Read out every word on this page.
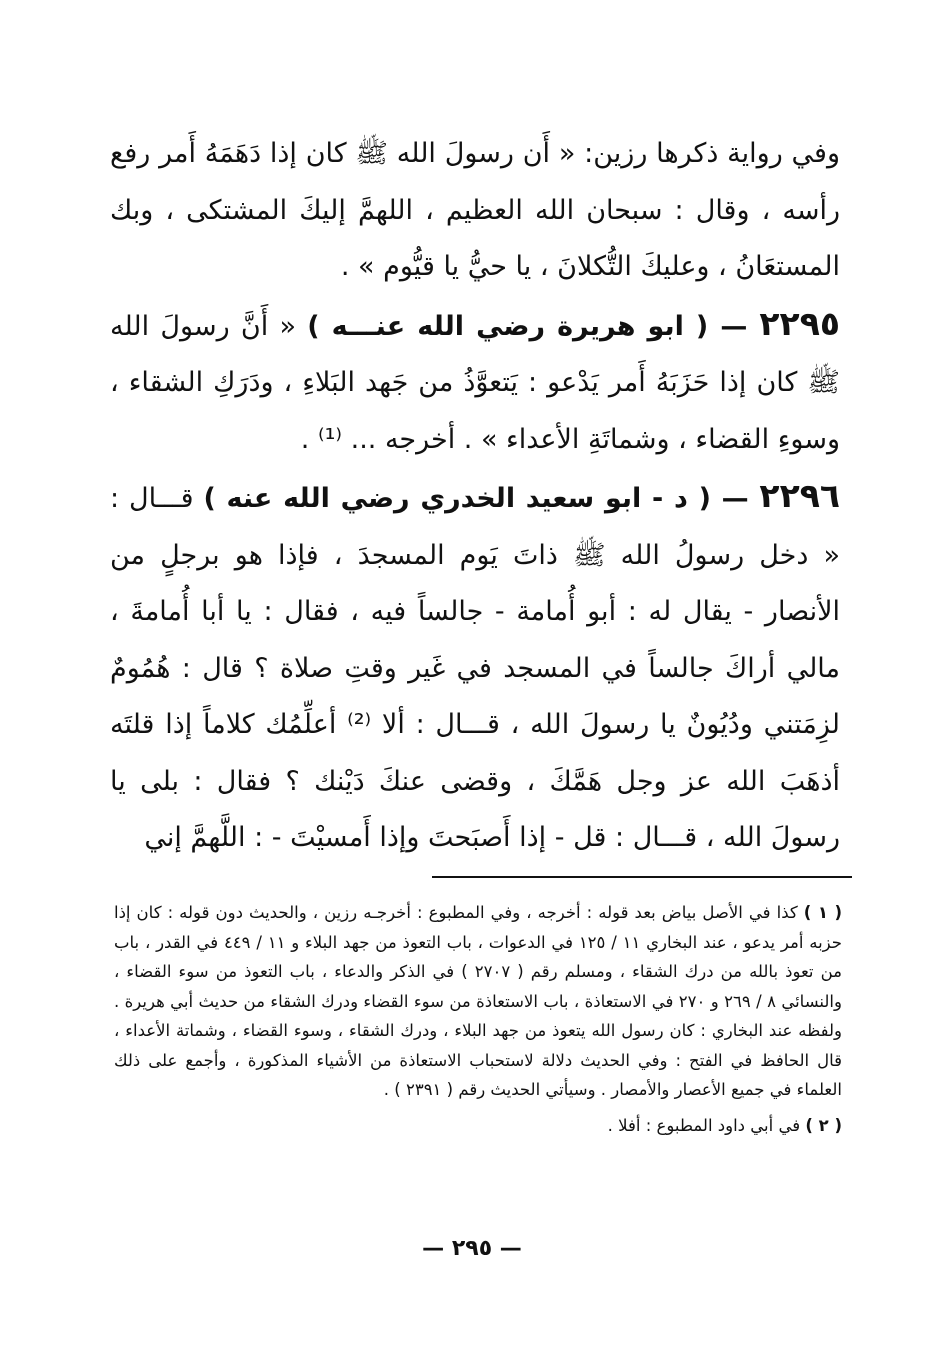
وفي رواية ذكرها رزين: « أَن رسولَ الله ﷺ كان إذا دَهَمَهُ أَمر رفع رأسه ، وقال : سبحان الله العظيم ، اللهمَّ إليكَ المشتكى ، وبك المستعَانُ ، وعليكَ التُّكلانَ ، يا حيُّ يا قيُّوم » .

٢٢٩٥ — ( ابو هريرة رضي الله عنـــه ) « أَنَّ رسولَ الله ﷺ كان إذا حَزَبَهُ أَمر يَدْعو : يَتعوَّذُ من جَهد البَلاءِ ، ودَرَكِ الشقاء ، وسوءِ القضاء ، وشماتَةِ الأعداء » . أخرجه ... ⁽¹⁾ .

٢٢٩٦ — ( د - ابو سعيد الخدري رضي الله عنه ) قـــال : « دخل رسولُ الله ﷺ ذاتَ يَوم المسجدَ ، فإذا هو برجلٍ من الأنصار - يقال له : أبو أُمامة - جالساً فيه ، فقال : يا أبا أُمامةَ ، مالي أراكَ جالساً في المسجد في غَير وقتِ صلاة ؟ قال : هُمُومٌ لزِمَتني ودُيُونٌ يا رسولَ الله ، قـــال : ألا ⁽²⁾ أعلِّمُك كلاماً إذا قلتَه أذهَبَ الله عز وجل هَمَّكَ ، وقضى عنكَ دَيْنك ؟ فقال : بلى يا رسولَ الله ، قـــال : قل - إذا أَصبَحتَ وإذا أَمسيْتَ - : اللَّهمَّ إني

( ١ ) كذا في الأصل بياض بعد قوله : أخرجه ، وفي المطبوع : أخرجـه رزين ، والحديث دون قوله : كان إذا حزبه أمر يدعو ، عند البخاري ١١ / ١٢٥ في الدعوات ، باب التعوذ من جهد البلاء و ١١ / ٤٤٩ في القدر ، باب من تعوذ بالله من درك الشقاء ، ومسلم رقم ( ٢٧٠٧ ) في الذكر والدعاء ، باب التعوذ من سوء القضاء ، والنسائي ٨ / ٢٦٩ و ٢٧٠ في الاستعاذة ، باب الاستعاذة من سوء القضاء ودرك الشقاء من حديث أبي هريرة . ولفظه عند البخاري : كان رسول الله يتعوذ من جهد البلاء ، ودرك الشقاء ، وسوء القضاء ، وشماتة الأعداء ، قال الحافظ في الفتح : وفي الحديث دلالة لاستحباب الاستعاذة من الأشياء المذكورة ، وأجمع على ذلك العلماء في جميع الأعصار والأمصار . وسيأتي الحديث رقم ( ٢٣٩١ ) .

( ٢ ) في أبي داود المطبوع : أفلا .

— ٢٩٥ —
